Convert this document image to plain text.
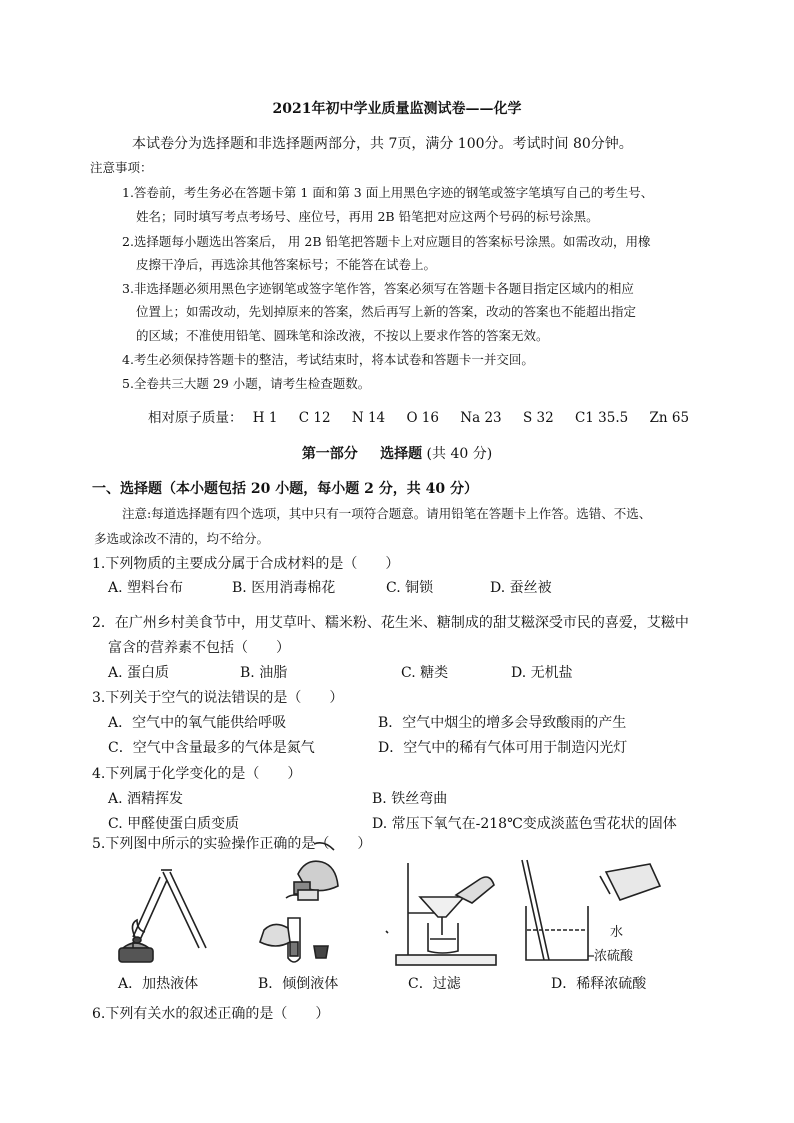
2021年初中学业质量监测试卷——化学
本试卷分为选择题和非选择题两部分，共 7页，满分 100分。考试时间 80分钟。
注意事项：
1.答卷前，考生务必在答题卡第 1 面和第 3 面上用黑色字迹的钢笔或签字笔填写自己的考生号、
姓名；同时填写考点考场号、座位号，再用 2B 铅笔把对应这两个号码的标号涂黑。
2.选择题每小题选出答案后， 用 2B 铅笔把答题卡上对应题目的答案标号涂黑。如需改动，用橡
皮擦干净后，再选涂其他答案标号；不能答在试卷上。
3.非选择题必须用黑色字迹钢笔或签字笔作答，答案必须写在答题卡各题目指定区域内的相应
位置上；如需改动，先划掉原来的答案，然后再写上新的答案，改动的答案也不能超出指定
的区域；不准使用铅笔、圆珠笔和涂改液，不按以上要求作答的答案无效。
4.考生必须保持答题卡的整洁，考试结束时，将本试卷和答题卡一并交回。
5.全卷共三大题 29 小题，请考生检查题数。
相对原子质量： H 1 C 12 N 14 O 16 Na 23 S 32 C1 35.5 Zn 65
第一部分 选择题 (共 40 分)
一、选择题（本小题包括 20 小题，每小题 2 分，共 40 分）
注意:每道选择题有四个选项，其中只有一项符合题意。请用铅笔在答题卡上作答。选错、不选、
多选或涂改不清的，均不给分。
1.下列物质的主要成分属于合成材料的是（　　）
A. 塑料台布	B. 医用消毒棉花	C. 铜锁	D. 蚕丝被
2．在广州乡村美食节中，用艾草叶、糯米粉、花生米、糖制成的甜艾糍深受市民的喜爱，艾糍中
富含的营养素不包括（　　）
A. 蛋白质	B. 油脂	C. 糖类	D. 无机盐
3.下列关于空气的说法错误的是（　　）
A．空气中的氧气能供给呼吸	B．空气中烟尘的增多会导致酸雨的产生
C．空气中含量最多的气体是氮气	D．空气中的稀有气体可用于制造闪光灯
4.下列属于化学变化的是（　　）
A. 酒精挥发	B. 铁丝弯曲
C. 甲醛使蛋白质变质	D. 常压下氧气在-218℃变成淡蓝色雪花状的固体
5.下列图中所示的实验操作正确的是（　　）
水
浓硫酸
A．加热液体	B．倾倒液体	C．过滤	D．稀释浓硫酸
6.下列有关水的叙述正确的是（　　）
